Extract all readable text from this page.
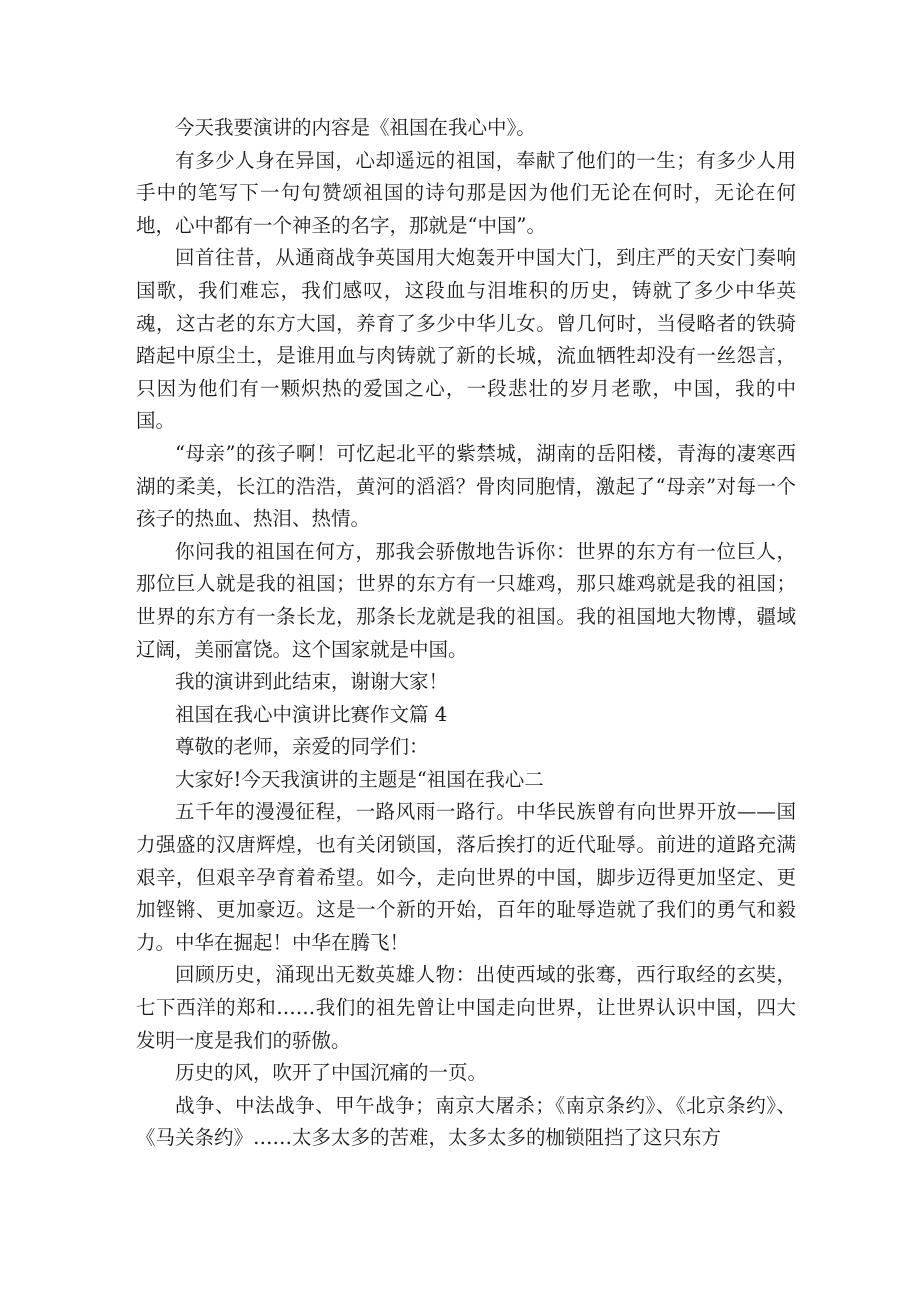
今天我要演讲的内容是《祖国在我心中》。

有多少人身在异国，心却遥远的祖国，奉献了他们的一生；有多少人用手中的笔写下一句句赞颂祖国的诗句那是因为他们无论在何时，无论在何地，心中都有一个神圣的名字，那就是“中国”。

回首往昔，从通商战争英国用大炮轰开中国大门，到庄严的天安门奏响国歌，我们难忘，我们感叹，这段血与泪堆积的历史，铸就了多少中华英魂，这古老的东方大国，养育了多少中华儿女。曾几何时，当侵略者的铁骑踏起中原尘土，是谁用血与肉铸就了新的长城，流血牺牲却没有一丝怨言，只因为他们有一颗炽热的爱国之心，一段悲壮的岁月老歌，中国，我的中国。

“母亲”的孩子啊！可忆起北平的紫禁城，湖南的岳阳楼，青海的凄寒西湖的柔美，长江的浩浩，黄河的滔滔？骨肉同胞情，激起了“母亲”对每一个孩子的热血、热泪、热情。

你问我的祖国在何方，那我会骄傲地告诉你：世界的东方有一位巨人，那位巨人就是我的祖国；世界的东方有一只雄鸡，那只雄鸡就是我的祖国；世界的东方有一条长龙，那条长龙就是我的祖国。我的祖国地大物博，疆域辽阔，美丽富饶。这个国家就是中国。

我的演讲到此结束，谢谢大家！

祖国在我心中演讲比赛作文篇 4

尊敬的老师，亲爱的同学们：

大家好!今天我演讲的主题是“祖国在我心二

五千年的漫漫征程，一路风雨一路行。中华民族曾有向世界开放——国力强盛的汉唐辉煌，也有关闭锁国，落后挨打的近代耻辱。前进的道路充满艰辛，但艰辛孕育着希望。如今，走向世界的中国，脚步迈得更加坚定、更加铿锵、更加豪迈。这是一个新的开始，百年的耻辱造就了我们的勇气和毅力。中华在掘起！中华在腾飞！

回顾历史，涌现出无数英雄人物：出使西域的张骞，西行取经的玄奘，七下西洋的郑和……我们的祖先曾让中国走向世界，让世界认识中国，四大发明一度是我们的骄傲。

历史的风，吹开了中国沉痛的一页。

战争、中法战争、甲午战争；南京大屠杀；《南京条约》、《北京条约》、《马关条约》……太多太多的苦难，太多太多的枷锁阻挡了这只东方
